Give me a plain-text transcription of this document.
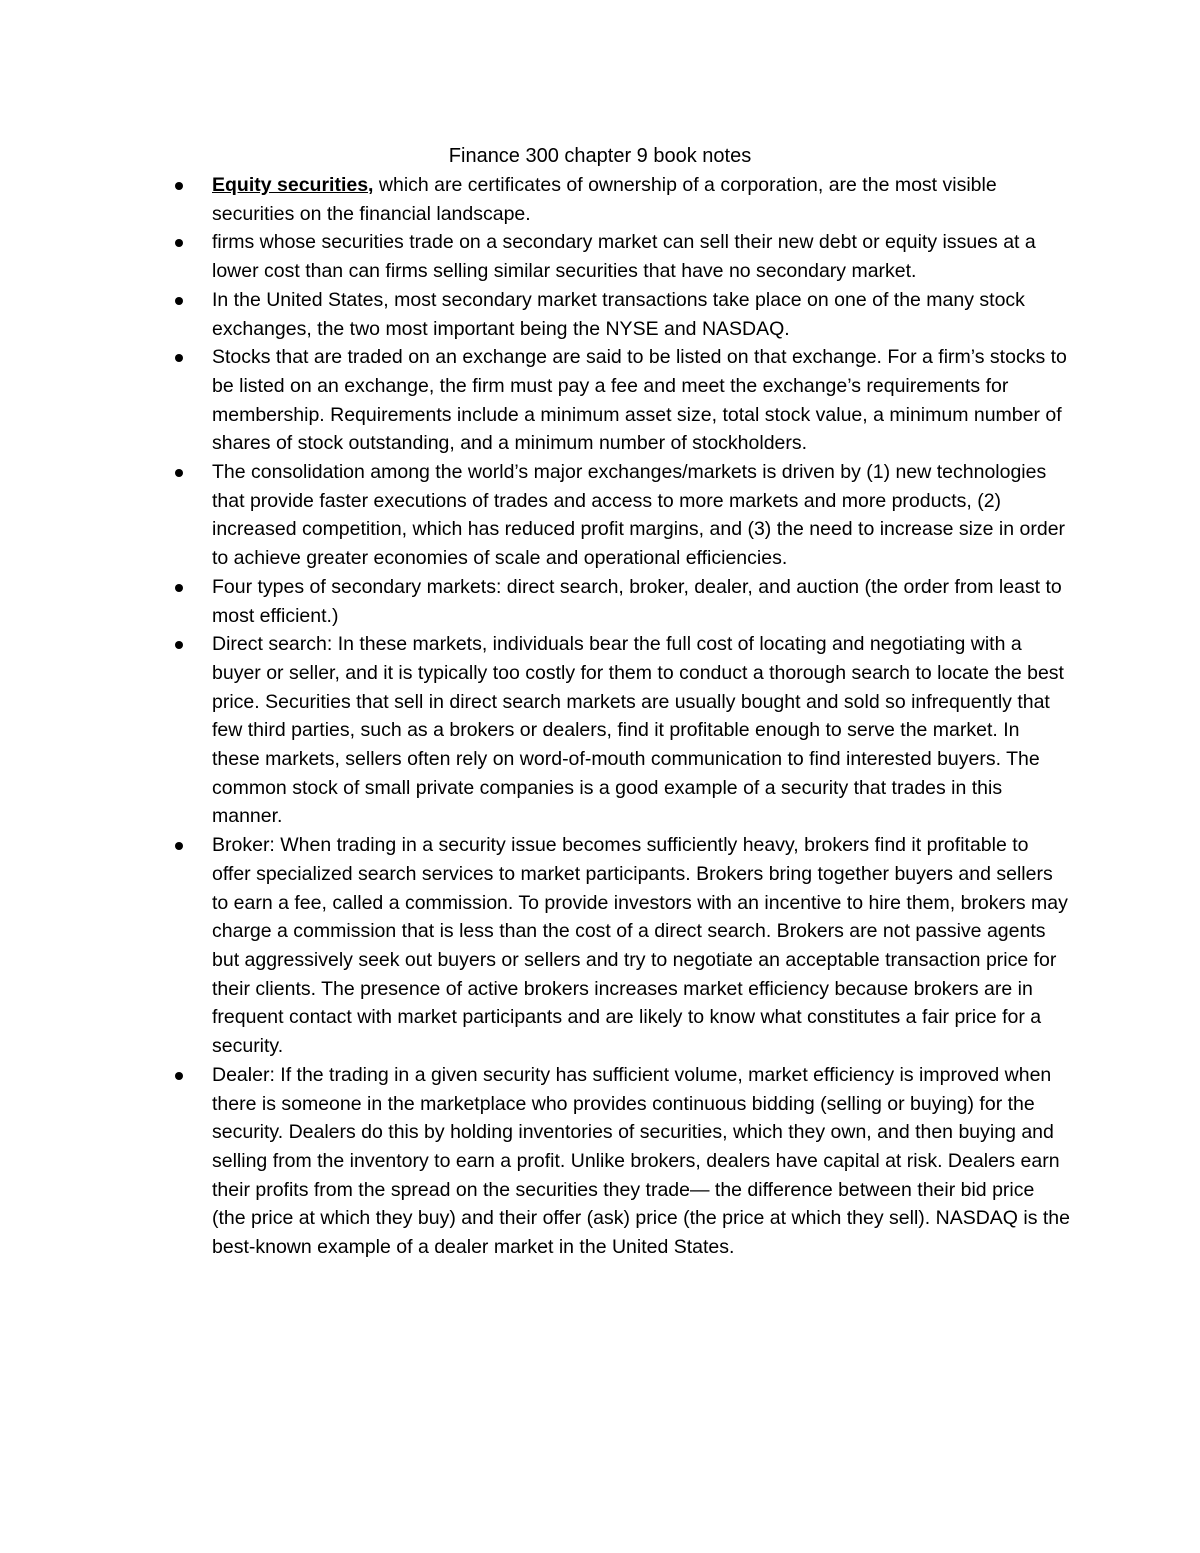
Finance 300 chapter 9 book notes
Equity securities, which are certificates of ownership of a corporation, are the most visible securities on the financial landscape.
firms whose securities trade on a secondary market can sell their new debt or equity issues at a lower cost than can firms selling similar securities that have no secondary market.
In the United States, most secondary market transactions take place on one of the many stock exchanges, the two most important being the NYSE and NASDAQ.
Stocks that are traded on an exchange are said to be listed on that exchange. For a firm’s stocks to be listed on an exchange, the firm must pay a fee and meet the exchange’s requirements for membership. Requirements include a minimum asset size, total stock value, a minimum number of shares of stock outstanding, and a minimum number of stockholders.
The consolidation among the world’s major exchanges/markets is driven by (1) new technologies that provide faster executions of trades and access to more markets and more products, (2) increased competition, which has reduced profit margins, and (3) the need to increase size in order to achieve greater economies of scale and operational efficiencies.
Four types of secondary markets: direct search, broker, dealer, and auction (the order from least to most efficient.)
Direct search: In these markets, individuals bear the full cost of locating and negotiating with a buyer or seller, and it is typically too costly for them to conduct a thorough search to locate the best price. Securities that sell in direct search markets are usually bought and sold so infrequently that few third parties, such as a brokers or dealers, find it profitable enough to serve the market. In these markets, sellers often rely on word-of-mouth communication to find interested buyers. The common stock of small private companies is a good example of a security that trades in this manner.
Broker: When trading in a security issue becomes sufficiently heavy, brokers find it profitable to offer specialized search services to market participants. Brokers bring together buyers and sellers to earn a fee, called a commission. To provide investors with an incentive to hire them, brokers may charge a commission that is less than the cost of a direct search. Brokers are not passive agents but aggressively seek out buyers or sellers and try to negotiate an acceptable transaction price for their clients. The presence of active brokers increases market efficiency because brokers are in frequent contact with market participants and are likely to know what constitutes a fair price for a security.
Dealer: If the trading in a given security has sufficient volume, market efficiency is improved when there is someone in the marketplace who provides continuous bidding (selling or buying) for the security. Dealers do this by holding inventories of securities, which they own, and then buying and selling from the inventory to earn a profit. Unlike brokers, dealers have capital at risk. Dealers earn their profits from the spread on the securities they trade— the difference between their bid price (the price at which they buy) and their offer (ask) price (the price at which they sell). NASDAQ is the best-known example of a dealer market in the United States.
